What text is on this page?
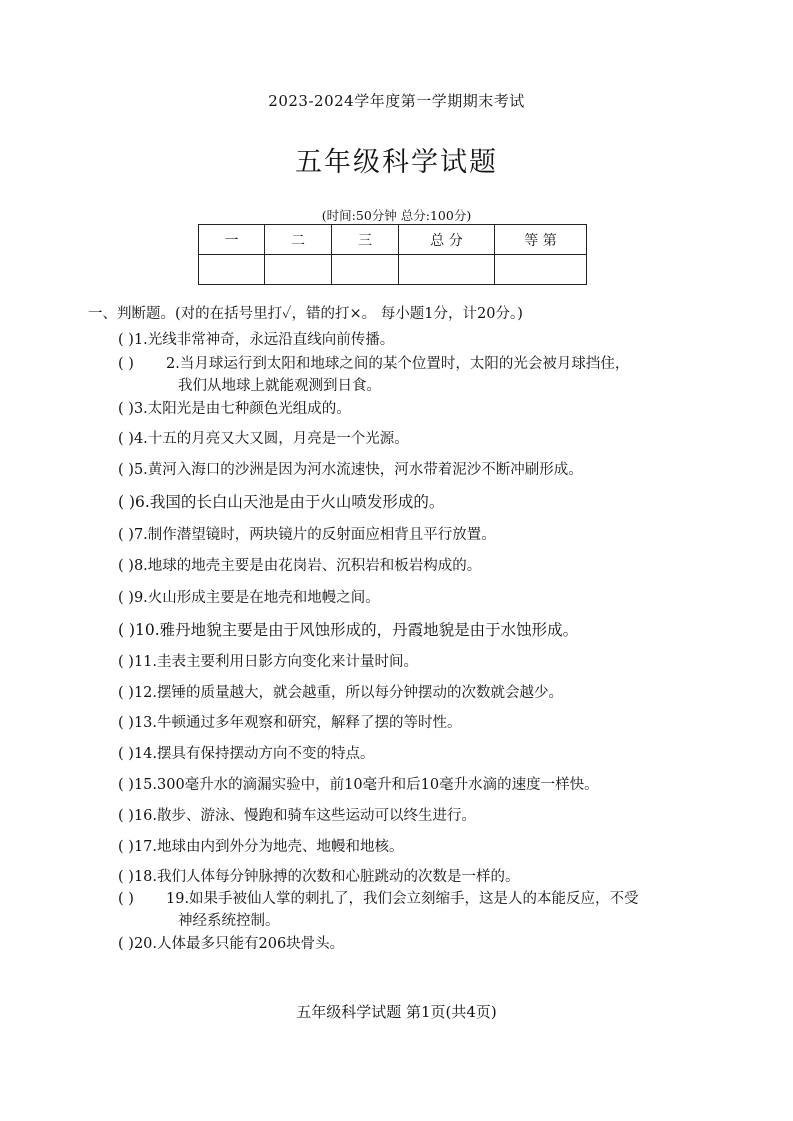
2023-2024学年度第一学期期末考试
五年级科学试题
(时间:50分钟 总分:100分)
一	二	三	总 分	等 第

一、判断题。(对的在括号里打✓，错的打×。 每小题1分，计20分。)
( )1.光线非常神奇，永远沿直线向前传播。
( ) 2.当月球运行到太阳和地球之间的某个位置时，太阳的光会被月球挡住，
我们从地球上就能观测到日食。
( )3.太阳光是由七种颜色光组成的。
( )4.十五的月亮又大又圆，月亮是一个光源。
( )5.黄河入海口的沙洲是因为河水流速快，河水带着泥沙不断冲刷形成。
( )6.我国的长白山天池是由于火山喷发形成的。
( )7.制作潜望镜时，两块镜片的反射面应相背且平行放置。
( )8.地球的地壳主要是由花岗岩、沉积岩和板岩构成的。
( )9.火山形成主要是在地壳和地幔之间。
( )10.雅丹地貌主要是由于风蚀形成的，丹霞地貌是由于水蚀形成。
( )11.圭表主要利用日影方向变化来计量时间。
( )12.摆锤的质量越大，就会越重，所以每分钟摆动的次数就会越少。
( )13.牛顿通过多年观察和研究，解释了摆的等时性。
( )14.摆具有保持摆动方向不变的特点。
( )15.300毫升水的滴漏实验中，前10毫升和后10毫升水滴的速度一样快。
( )16.散步、游泳、慢跑和骑车这些运动可以终生进行。
( )17.地球由内到外分为地壳、地幔和地核。
( )18.我们人体每分钟脉搏的次数和心脏跳动的次数是一样的。
( ) 19.如果手被仙人掌的刺扎了，我们会立刻缩手，这是人的本能反应，不受
神经系统控制。
( )20.人体最多只能有206块骨头。
五年级科学试题 第1页(共4页)
